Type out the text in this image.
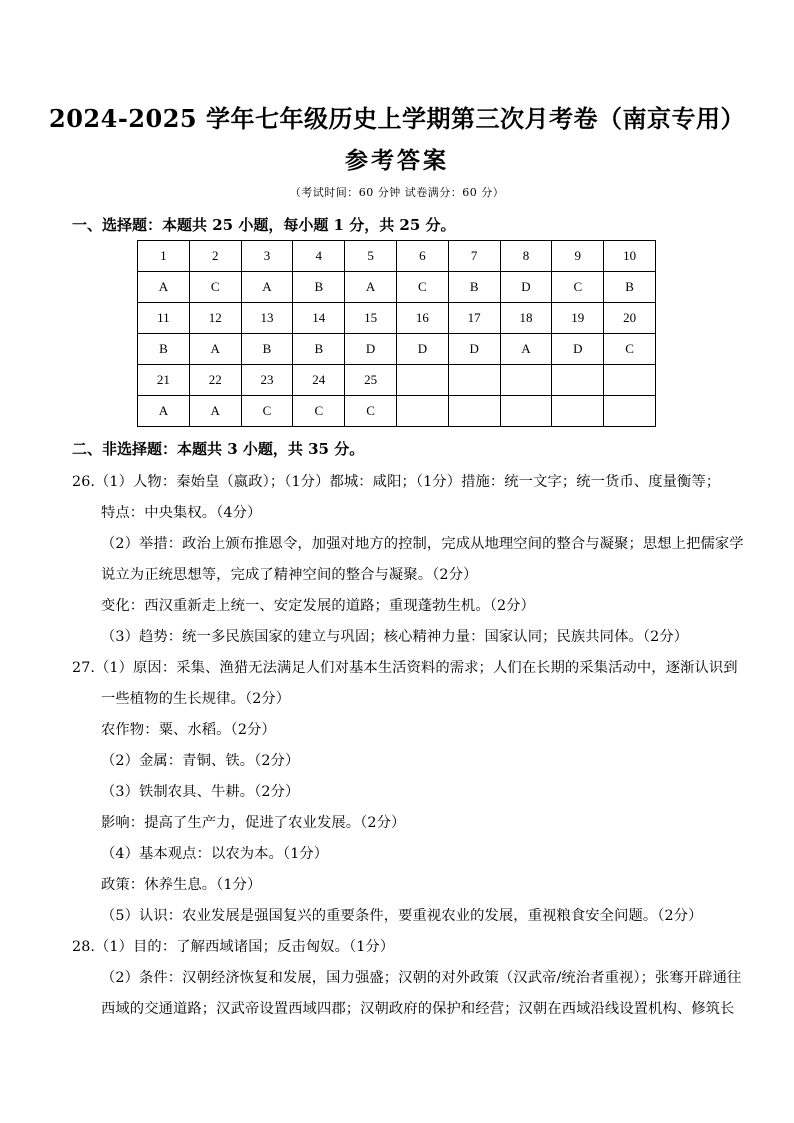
2024-2025 学年七年级历史上学期第三次月考卷（南京专用）
参考答案
（考试时间：60 分钟 试卷满分：60 分）
一、选择题：本题共 25 小题，每小题 1 分，共 25 分。
1	2	3	4	5	6	7	8	9	10
A	C	A	B	A	C	B	D	C	B
11	12	13	14	15	16	17	18	19	20
B	A	B	B	D	D	D	A	D	C
21	22	23	24	25					
A	A	C	C	C					
二、非选择题：本题共 3 小题，共 35 分。
26.（1）人物：秦始皇（嬴政）；（1分）都城：咸阳；（1分）措施：统一文字；统一货币、度量衡等；
特点：中央集权。（4分）
（2）举措：政治上颁布推恩令，加强对地方的控制，完成从地理空间的整合与凝聚；思想上把儒家学
说立为正统思想等，完成了精神空间的整合与凝聚。（2分）
变化：西汉重新走上统一、安定发展的道路；重现蓬勃生机。（2分）
（3）趋势：统一多民族国家的建立与巩固；核心精神力量：国家认同；民族共同体。（2分）
27.（1）原因：采集、渔猎无法满足人们对基本生活资料的需求；人们在长期的采集活动中，逐渐认识到
一些植物的生长规律。（2分）
农作物：粟、水稻。（2分）
（2）金属：青铜、铁。（2分）
（3）铁制农具、牛耕。（2分）
影响：提高了生产力，促进了农业发展。（2分）
（4）基本观点：以农为本。（1分）
政策：休养生息。（1分）
（5）认识：农业发展是强国复兴的重要条件，要重视农业的发展，重视粮食安全问题。（2分）
28.（1）目的：了解西域诸国；反击匈奴。（1分）
（2）条件：汉朝经济恢复和发展，国力强盛；汉朝的对外政策（汉武帝/统治者重视）；张骞开辟通往
西域的交通道路；汉武帝设置西域四郡；汉朝政府的保护和经营；汉朝在西域沿线设置机构、修筑长
